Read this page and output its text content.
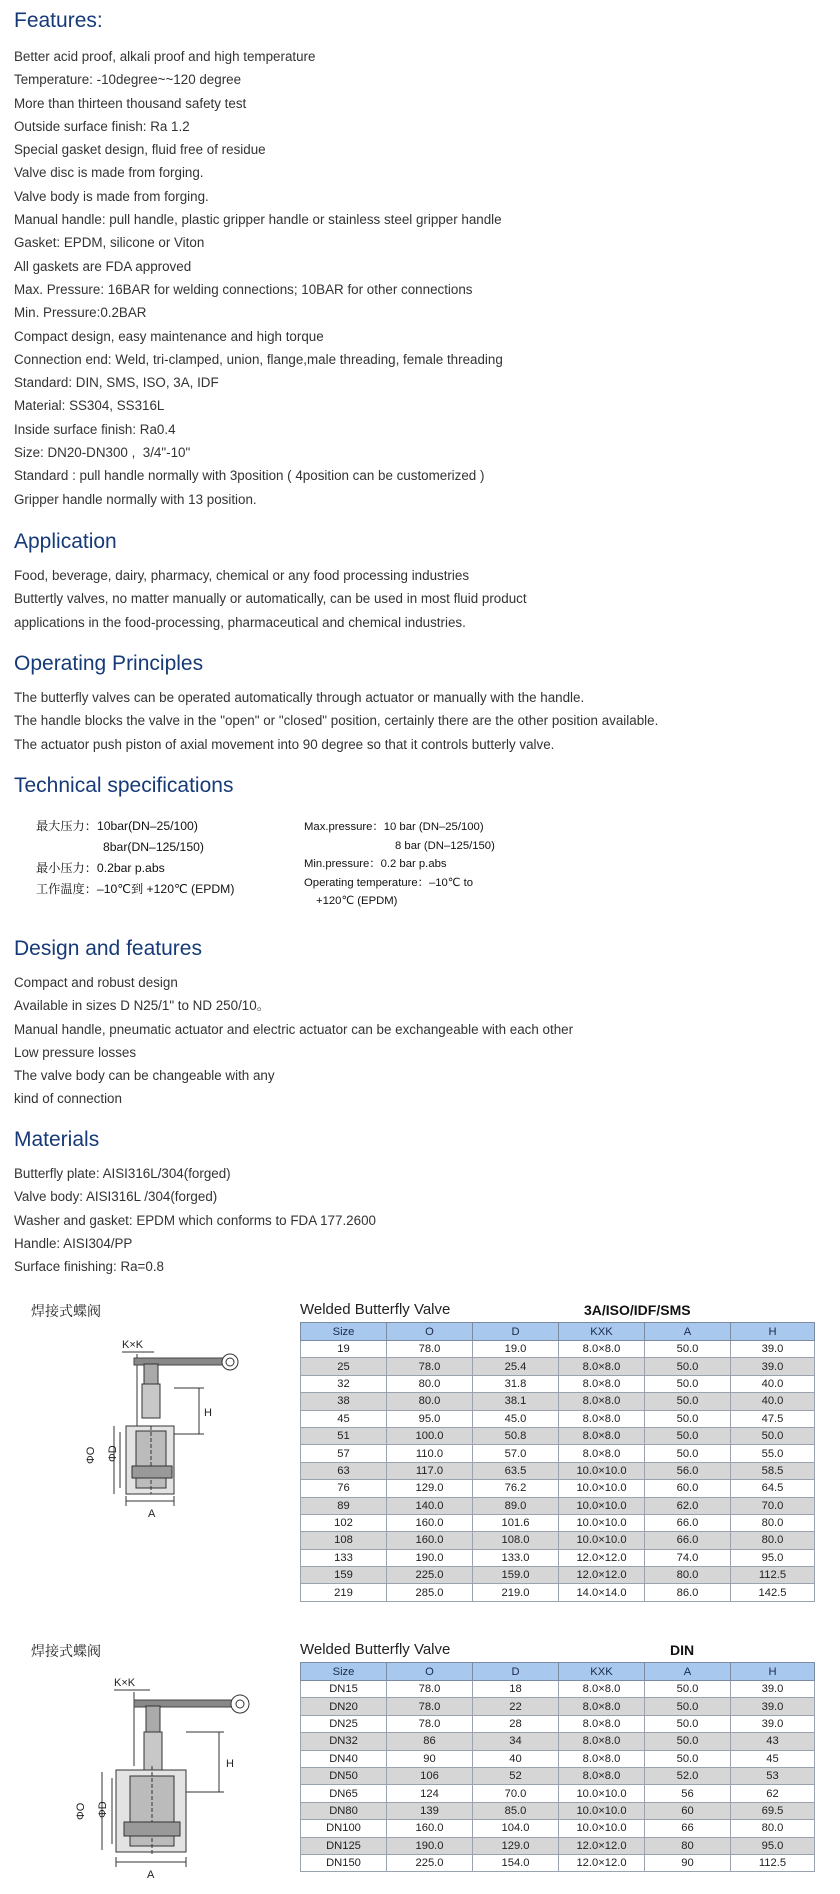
Features:
Better acid proof, alkali proof and high temperature
Temperature: -10degree~~120 degree
More than thirteen thousand safety test
Outside surface finish: Ra 1.2
Special gasket design, fluid free of residue
Valve disc is made from forging.
Valve body is made from forging.
Manual handle: pull handle, plastic gripper handle or stainless steel gripper handle
Gasket: EPDM, silicone or Viton
All gaskets are FDA approved
Max. Pressure: 16BAR for welding connections; 10BAR for other connections
Min. Pressure:0.2BAR
Compact design, easy maintenance and high torque
Connection end: Weld, tri-clamped, union, flange,male threading, female threading
Standard: DIN, SMS, ISO, 3A, IDF
Material: SS304, SS316L
Inside surface finish: Ra0.4
Size: DN20-DN300 ,  3/4"-10"
Standard : pull handle normally with 3position ( 4position can be customerized )
Gripper handle normally with 13 position.
Application
Food, beverage, dairy, pharmacy, chemical or any food processing industries
Buttertly valves, no matter manually or automatically, can be used in most fluid product
applications in the food-processing, pharmaceutical and chemical industries.
Operating Principles
The butterfly valves can be operated automatically through actuator or manually with the handle.
The handle blocks the valve in the "open" or "closed" position, certainly there are the other position available.
The actuator push piston of axial movement into 90 degree so that it controls butterly valve.
Technical specifications
最大压力：10bar(DN–25/100)
8bar(DN–125/150)
最小压力：0.2bar p.abs
工作温度：–10℃到 +120℃ (EPDM)
Max.pressure：10 bar (DN–25/100)
8 bar (DN–125/150)
Min.pressure：0.2 bar p.abs
Operating temperature：–10℃ to
+120℃ (EPDM)
Design and features
Compact and robust design
Available in sizes D N25/1" to ND 250/10。
Manual handle, pneumatic actuator and electric actuator can be exchangeable with each other
Low pressure losses
The valve body can be changeable with any
kind of connection
Materials
Butterfly plate: AISI316L/304(forged)
Valve body: AISI316L /304(forged)
Washer and gasket: EPDM which conforms to FDA 177.2600
Handle: AISI304/PP
Surface finishing: Ra=0.8
焊接式蝶阀	Welded Butterfly Valve	3A/ISO/IDF/SMS
K×K
ΦO ΦD
H
A
Size	O	D	KXK	A	H
19	78.0	19.0	8.0×8.0	50.0	39.0
25	78.0	25.4	8.0×8.0	50.0	39.0
32	80.0	31.8	8.0×8.0	50.0	40.0
38	80.0	38.1	8.0×8.0	50.0	40.0
45	95.0	45.0	8.0×8.0	50.0	47.5
51	100.0	50.8	8.0×8.0	50.0	50.0
57	110.0	57.0	8.0×8.0	50.0	55.0
63	117.0	63.5	10.0×10.0	56.0	58.5
76	129.0	76.2	10.0×10.0	60.0	64.5
89	140.0	89.0	10.0×10.0	62.0	70.0
102	160.0	101.6	10.0×10.0	66.0	80.0
108	160.0	108.0	10.0×10.0	66.0	80.0
133	190.0	133.0	12.0×12.0	74.0	95.0
159	225.0	159.0	12.0×12.0	80.0	112.5
219	285.0	219.0	14.0×14.0	86.0	142.5
焊接式蝶阀	Welded Butterfly Valve	DIN
K×K
ΦO ΦD
H
A
Size	O	D	KXK	A	H
DN15	78.0	18	8.0×8.0	50.0	39.0
DN20	78.0	22	8.0×8.0	50.0	39.0
DN25	78.0	28	8.0×8.0	50.0	39.0
DN32	86	34	8.0×8.0	50.0	43
DN40	90	40	8.0×8.0	50.0	45
DN50	106	52	8.0×8.0	52.0	53
DN65	124	70.0	10.0×10.0	56	62
DN80	139	85.0	10.0×10.0	60	69.5
DN100	160.0	104.0	10.0×10.0	66	80.0
DN125	190.0	129.0	12.0×12.0	80	95.0
DN150	225.0	154.0	12.0×12.0	90	112.5
